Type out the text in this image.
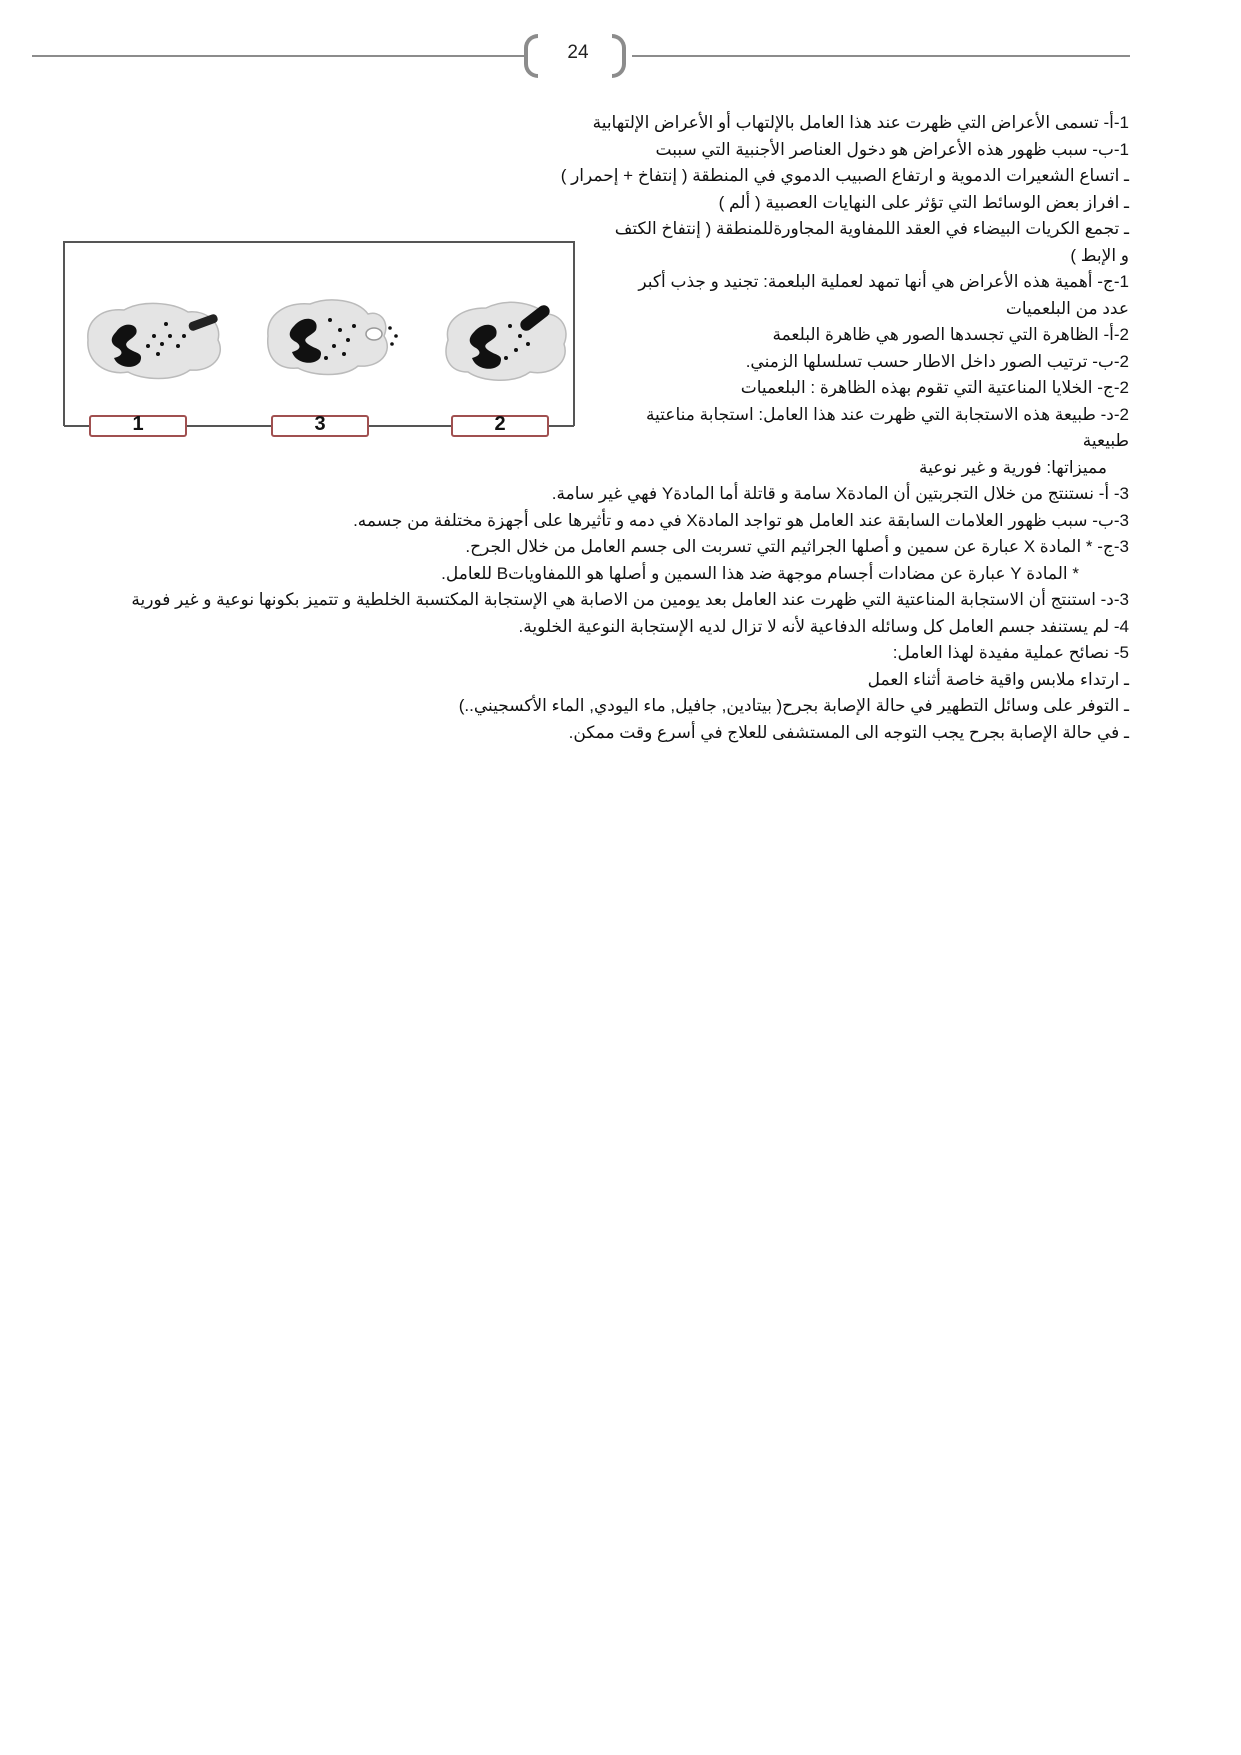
24
1	3	2
1-أ- تسمى الأعراض التي ظهرت عند هذا العامل بالإلتهاب أو الأعراض الإلتهابية
1-ب- سبب ظهور هذه الأعراض هو دخول العناصر الأجنبية التي سببت
ـ اتساع الشعيرات الدموية و ارتفاع الصبيب الدموي في المنطقة ( إنتفاخ + إحمرار )
ـ افراز بعض الوسائط التي تؤثر على النهايات العصبية ( ألم )
ـ تجمع الكريات البيضاء في العقد اللمفاوية المجاورةللمنطقة ( إنتفاخ الكتف و الإبط )
1-ج- أهمية هذه الأعراض هي أنها تمهد لعملية البلعمة: تجنيد و جذب أكبر عدد من البلعميات
2-أ- الظاهرة التي تجسدها الصور هي ظاهرة البلعمة
2-ب- ترتيب الصور داخل الاطار حسب تسلسلها الزمني.
2-ج- الخلايا المناعتية التي تقوم بهذه الظاهرة : البلعميات
2-د- طبيعة هذه الاستجابة التي ظهرت عند هذا العامل: استجابة مناعتية طبيعية
مميزاتها: فورية و غير نوعية
3- أ- نستنتج من خلال التجربتين أن المادةX سامة و قاتلة أما المادةY فهي غير سامة.
3-ب- سبب ظهور العلامات السابقة عند العامل هو تواجد المادةX في دمه و تأثيرها على أجهزة مختلفة من جسمه.
3-ج- * المادة X عبارة عن سمين و أصلها الجراثيم التي تسربت الى جسم العامل من خلال الجرح.
* المادة Y عبارة عن مضادات أجسام موجهة ضد هذا السمين و أصلها هو اللمفاويات‌B للعامل.
3-د- استنتج أن الاستجابة المناعتية التي ظهرت عند العامل بعد يومين من الاصابة هي الإستجابة المكتسبة الخلطية و تتميز بكونها نوعية و غير فورية
4- لم يستنفد جسم العامل كل وسائله الدفاعية لأنه لا تزال لديه الإستجابة النوعية الخلوية.
5- نصائح عملية مفيدة لهذا العامل:
ـ ارتداء ملابس واقية خاصة أثناء العمل
ـ التوفر على وسائل التطهير في حالة الإصابة بجرح( بيتادين, جافيل, ماء اليودي, الماء الأكسجيني..)
ـ في حالة الإصابة بجرح يجب التوجه الى المستشفى للعلاج في أسرع وقت ممكن.
